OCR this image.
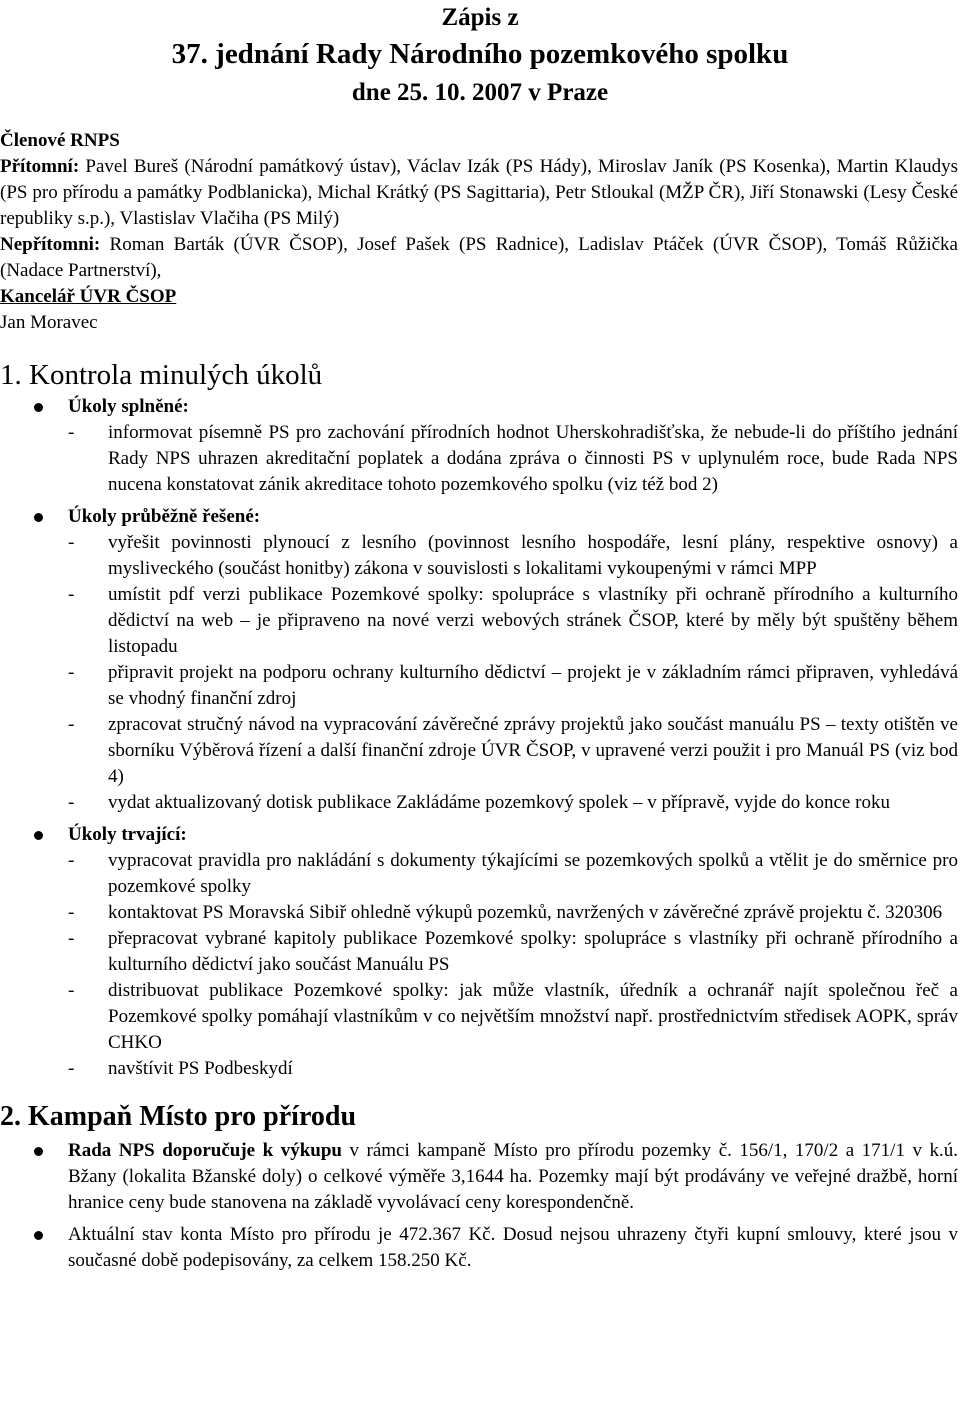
Zápis z

37. jednání Rady Národního pozemkového spolku

dne 25. 10. 2007 v Praze

Členové RNPS

Přítomní: Pavel Bureš (Národní památkový ústav), Václav Izák (PS Hády), Miroslav Janík (PS Kosenka), Martin Klaudys (PS pro přírodu a památky Podblanicka), Michal Krátký (PS Sagittaria), Petr Stloukal (MŽP ČR), Jiří Stonawski (Lesy České republiky s.p.), Vlastislav Vlačiha (PS Milý)

Nepřítomni: Roman Barták (ÚVR ČSOP), Josef Pašek (PS Radnice), Ladislav Ptáček (ÚVR ČSOP), Tomáš Růžička (Nadace Partnerství),

Kancelář ÚVR ČSOP

Jan Moravec

1. Kontrola minulých úkolů

Úkoly splněné:
- informovat písemně PS pro zachování přírodních hodnot Uherskohradišťska, že nebude-li do příštího jednání Rady NPS uhrazen akreditační poplatek a dodána zpráva o činnosti PS v uplynulém roce, bude Rada NPS nucena konstatovat zánik akreditace tohoto pozemkového spolku (viz též bod 2)
Úkoly průběžně řešené:
- vyřešit povinnosti plynoucí z lesního (povinnost lesního hospodáře, lesní plány, respektive osnovy) a mysliveckého (součást honitby) zákona v souvislosti s lokalitami vykoupenými v rámci MPP
- umístit pdf verzi publikace Pozemkové spolky: spolupráce s vlastníky při ochraně přírodního a kulturního dědictví na web – je připraveno na nové verzi webových stránek ČSOP, které by měly být spuštěny během listopadu
- připravit projekt na podporu ochrany kulturního dědictví – projekt je v základním rámci připraven, vyhledává se vhodný finanční zdroj
- zpracovat stručný návod na vypracování závěrečné zprávy projektů jako součást manuálu PS – texty otištěn ve sborníku Výběrová řízení a další finanční zdroje ÚVR ČSOP, v upravené verzi použit i pro Manuál PS (viz bod 4)
- vydat aktualizovaný dotisk publikace Zakládáme pozemkový spolek – v přípravě, vyjde do konce roku
Úkoly trvající:
- vypracovat pravidla pro nakládání s dokumenty týkajícími se pozemkových spolků a vtělit je do směrnice pro pozemkové spolky
- kontaktovat PS Moravská Sibiř ohledně výkupů pozemků, navržených v závěrečné zprávě projektu č. 320306
- přepracovat vybrané kapitoly publikace Pozemkové spolky: spolupráce s vlastníky při ochraně přírodního a kulturního dědictví jako součást Manuálu PS
- distribuovat publikace Pozemkové spolky: jak může vlastník, úředník a ochranář najít společnou řeč a Pozemkové spolky pomáhají vlastníkům v co největším množství např. prostřednictvím středisek AOPK, správ CHKO
- navštívit PS Podbeskydí

2. Kampaň Místo pro přírodu

Rada NPS doporučuje k výkupu v rámci kampaně Místo pro přírodu pozemky č. 156/1, 170/2 a 171/1 v k.ú. Bžany (lokalita Bžanské doly) o celkové výměře 3,1644 ha. Pozemky mají být prodávány ve veřejné dražbě, horní hranice ceny bude stanovena na základě vyvolávací ceny korespondenčně.
Aktuální stav konta Místo pro přírodu je 472.367 Kč. Dosud nejsou uhrazeny čtyři kupní smlouvy, které jsou v současné době podepisovány, za celkem 158.250 Kč.
